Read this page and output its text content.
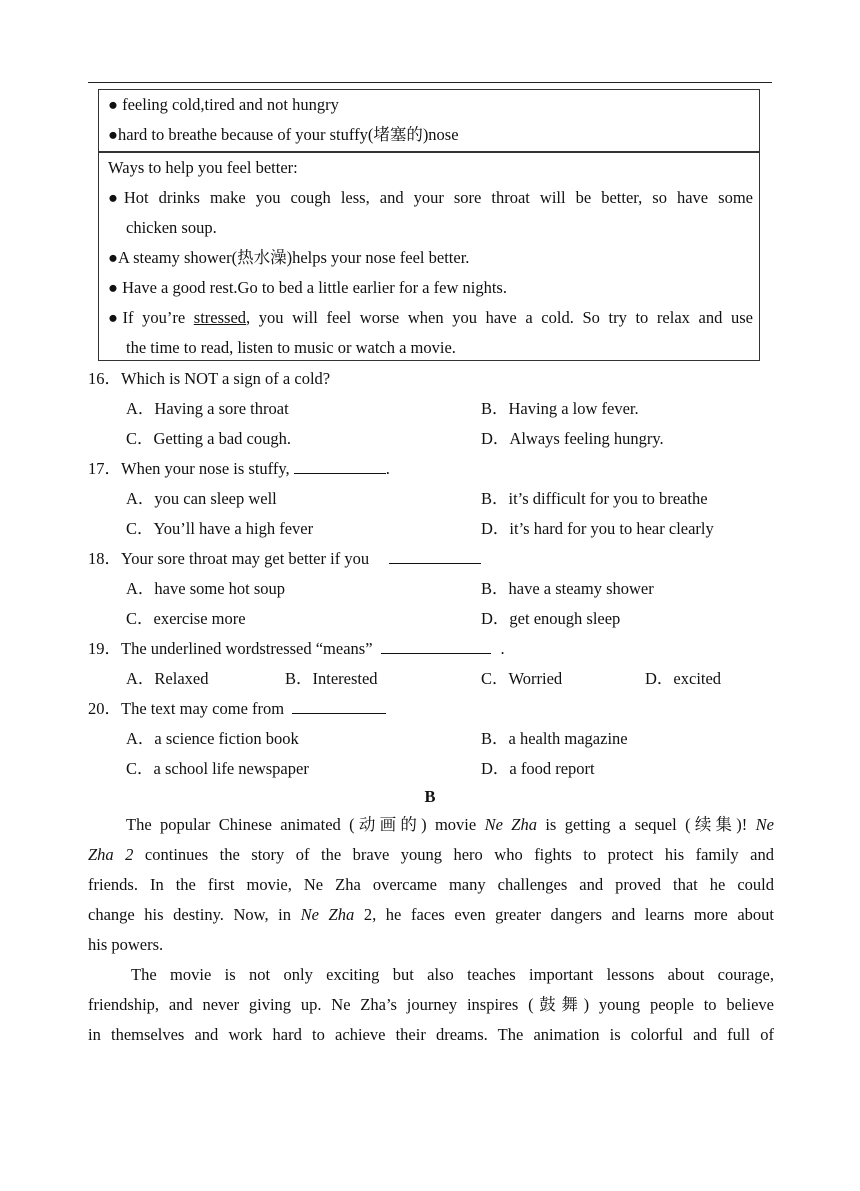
● feeling cold,tired and not hungry
●hard to breathe because of your stuffy(堵塞的)nose
Ways to help you feel better:
●Hot drinks make you cough less, and your sore throat will be better, so have some
chicken soup.
●A steamy shower(热水澡)helps your nose feel better.
● Have a good rest.Go to bed a little earlier for a few nights.
●If you’re stressed, you will feel worse when you have a cold. So try to relax and use
the time to read, listen to music or watch a movie.
16．Which is NOT a sign of a cold?
A．Having a sore throat	B．Having a low fever.
C．Getting a bad cough.	D．Always feeling hungry.
17．When your nose is stuffy,	.
A．you can sleep well	B．it’s difficult for you to breathe
C．You’ll have a high fever	D．it’s hard for you to hear clearly
18．Your sore throat may get better if you
A．have some hot soup	B．have a steamy shower
C．exercise more	D．get enough sleep
19．The underlined wordstressed “means”	.
A．Relaxed	B．Interested	C．Worried	D．excited
20．The text may come from
A．a science fiction book	B．a health magazine
C．a school life newspaper	D．a food report
B
The popular Chinese animated (动画的) movie Ne Zha is getting a sequel (续集)! Ne
Zha 2 continues the story of the brave young hero who fights to protect his family and
friends. In the first movie, Ne Zha overcame many challenges and proved that he could
change his destiny. Now, in Ne Zha 2, he faces even greater dangers and learns more about
his powers.
The movie is not only exciting but also teaches important lessons about courage,
friendship, and never giving up. Ne Zha’s journey inspires (鼓舞) young people to believe
in themselves and work hard to achieve their dreams. The animation is colorful and full of
